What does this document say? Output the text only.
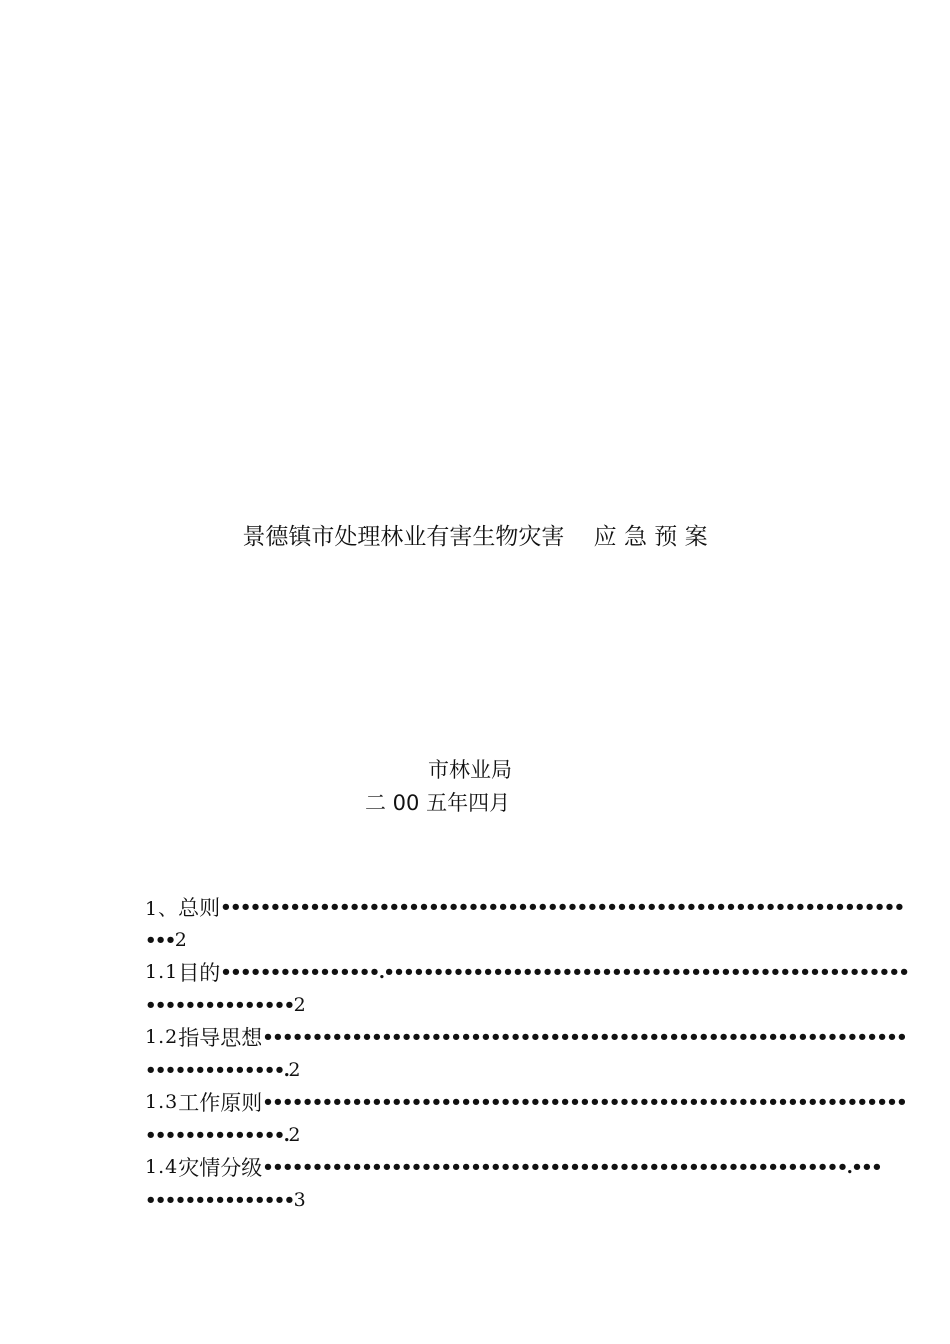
景德镇市处理林业有害生物灾害    应 急 预 案
市林业局
二 00 五年四月
1、 总则 •••••••••••••••••••••••••••••••••••••••••••••••••••••••••••••••••••••
••• 2
1.1 目的 ••••••••••••••••.•••••••••••••••••••••••••••••••••••••••••••••••••••••
••••••••••••••• 2
1.2 指导思想 •••••••••••••••••••••••••••••••••••••••••••••••••••••••••••••••••
••••••••••••••. 2
1.3 工作原则 •••••••••••••••••••••••••••••••••••••••••••••••••••••••••••••••••
••••••••••••••. 2
1.4 灾情分级 •••••••••••••••••••••••••••••••••••••••••••••••••••••••••••.•••
••••••••••••••• 3
